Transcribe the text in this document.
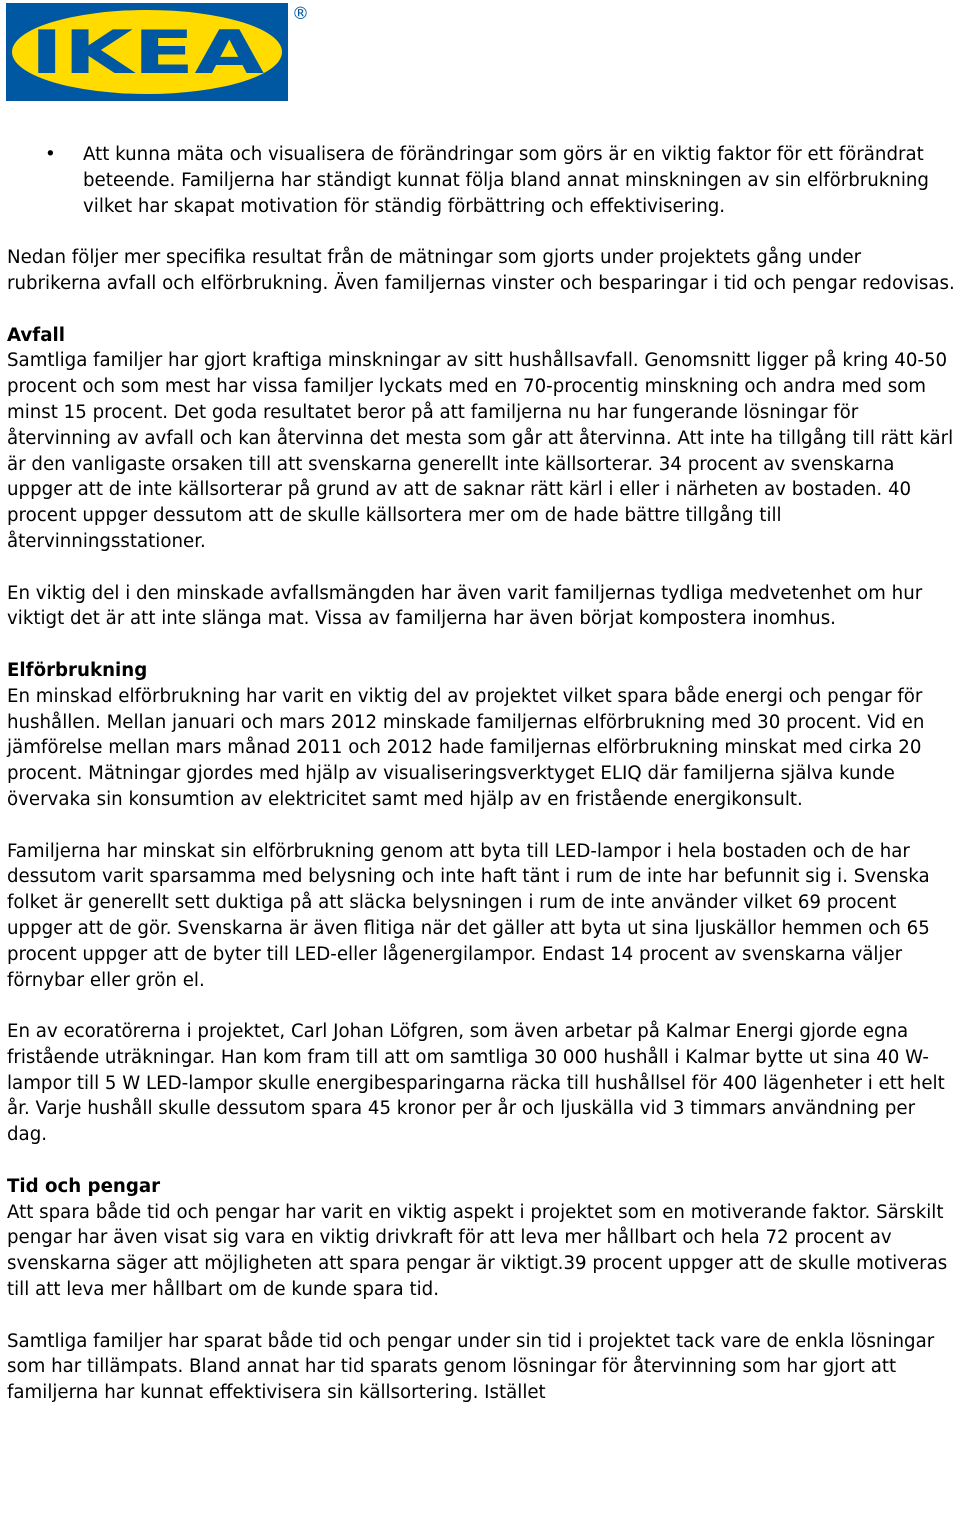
IKEA
®
• Att kunna mäta och visualisera de förändringar som görs är en viktig faktor för ett förändrat beteende. Familjerna har ständigt kunnat följa bland annat minskningen av sin elförbrukning vilket har skapat motivation för ständig förbättring och effektivisering.

Nedan följer mer specifika resultat från de mätningar som gjorts under projektets gång under rubrikerna avfall och elförbrukning. Även familjernas vinster och besparingar i tid och pengar redovisas.

Avfall

Samtliga familjer har gjort kraftiga minskningar av sitt hushållsavfall. Genomsnitt ligger på kring 40-50 procent och som mest har vissa familjer lyckats med en 70-procentig minskning och andra med som minst 15 procent. Det goda resultatet beror på att familjerna nu har fungerande lösningar för återvinning av avfall och kan återvinna det mesta som går att återvinna. Att inte ha tillgång till rätt kärl är den vanligaste orsaken till att svenskarna generellt inte källsorterar. 34 procent av svenskarna uppger att de inte källsorterar på grund av att de saknar rätt kärl i eller i närheten av bostaden. 40 procent uppger dessutom att de skulle källsortera mer om de hade bättre tillgång till återvinningsstationer.

En viktig del i den minskade avfallsmängden har även varit familjernas tydliga medvetenhet om hur viktigt det är att inte slänga mat. Vissa av familjerna har även börjat kompostera inomhus.

Elförbrukning

En minskad elförbrukning har varit en viktig del av projektet vilket spara både energi och pengar för hushållen. Mellan januari och mars 2012 minskade familjernas elförbrukning med 30 procent. Vid en jämförelse mellan mars månad 2011 och 2012 hade familjernas elförbrukning minskat med cirka 20 procent. Mätningar gjordes med hjälp av visualiseringsverktyget ELIQ där familjerna själva kunde övervaka sin konsumtion av elektricitet samt med hjälp av en fristående energikonsult.

Familjerna har minskat sin elförbrukning genom att byta till LED-lampor i hela bostaden och de har dessutom varit sparsamma med belysning och inte haft tänt i rum de inte har befunnit sig i. Svenska folket är generellt sett duktiga på att släcka belysningen i rum de inte använder vilket 69 procent uppger att de gör. Svenskarna är även flitiga när det gäller att byta ut sina ljuskällor hemmen och 65 procent uppger att de byter till LED-eller lågenergilampor. Endast 14 procent av svenskarna väljer förnybar eller grön el.

En av ecoratörerna i projektet, Carl Johan Löfgren, som även arbetar på Kalmar Energi gjorde egna fristående uträkningar. Han kom fram till att om samtliga 30 000 hushåll i Kalmar bytte ut sina 40 W-lampor till 5 W LED-lampor skulle energibesparingarna räcka till hushållsel för 400 lägenheter i ett helt år. Varje hushåll skulle dessutom spara 45 kronor per år och ljuskälla vid 3 timmars användning per dag.

Tid och pengar

Att spara både tid och pengar har varit en viktig aspekt i projektet som en motiverande faktor. Särskilt pengar har även visat sig vara en viktig drivkraft för att leva mer hållbart och hela 72 procent av svenskarna säger att möjligheten att spara pengar är viktigt.39 procent uppger att de skulle motiveras till att leva mer hållbart om de kunde spara tid.

Samtliga familjer har sparat både tid och pengar under sin tid i projektet tack vare de enkla lösningar som har tillämpats. Bland annat har tid sparats genom lösningar för återvinning som har gjort att familjerna har kunnat effektivisera sin källsortering. Istället
